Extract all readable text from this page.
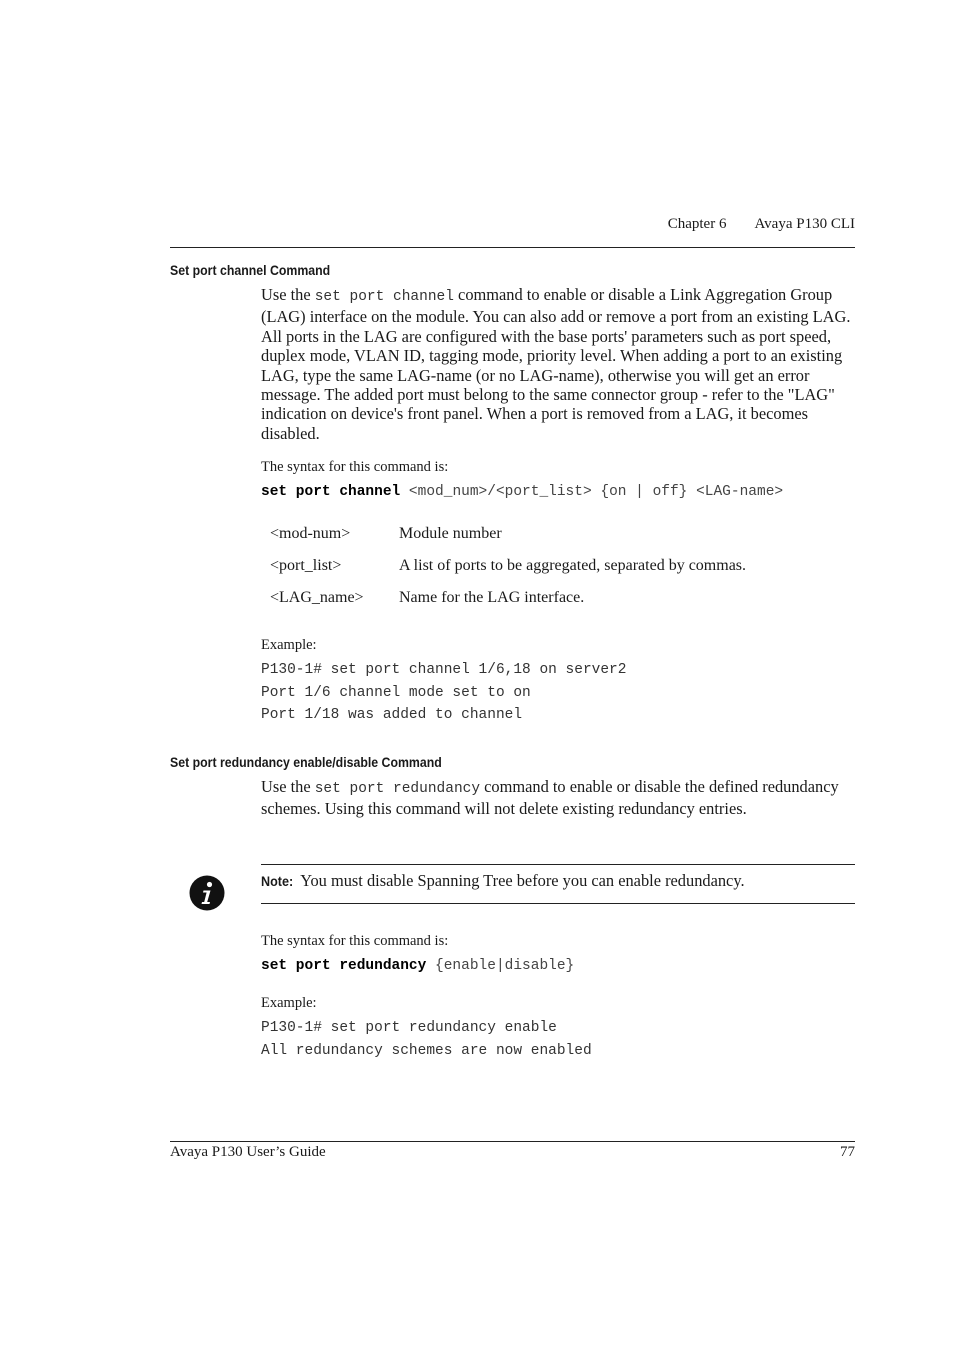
Chapter 6 Avaya P130 CLI
Set port channel Command
Use the set port channel command to enable or disable a Link Aggregation Group (LAG) interface on the module. You can also add or remove a port from an existing LAG. All ports in the LAG are configured with the base ports' parameters such as port speed, duplex mode, VLAN ID, tagging mode, priority level. When adding a port to an existing LAG, type the same LAG-name (or no LAG-name), otherwise you will get an error message. The added port must belong to the same connector group - refer to the "LAG" indication on device's front panel. When a port is removed from a LAG, it becomes disabled.
The syntax for this command is:
set port channel <mod_num>/<port_list> {on | off} <LAG-name>
<mod-num>	Module number
<port_list>	A list of ports to be aggregated, separated by commas.
<LAG_name>	Name for the LAG interface.
Example:
P130-1# set port channel 1/6,18 on server2
Port 1/6 channel mode set to on
Port 1/18 was added to channel
Set port redundancy enable/disable Command
Use the set port redundancy command to enable or disable the defined redundancy schemes. Using this command will not delete existing redundancy entries.
Note: You must disable Spanning Tree before you can enable redundancy.
The syntax for this command is:
set port redundancy {enable|disable}
Example:
P130-1# set port redundancy enable
All redundancy schemes are now enabled
Avaya P130 User’s Guide	77
